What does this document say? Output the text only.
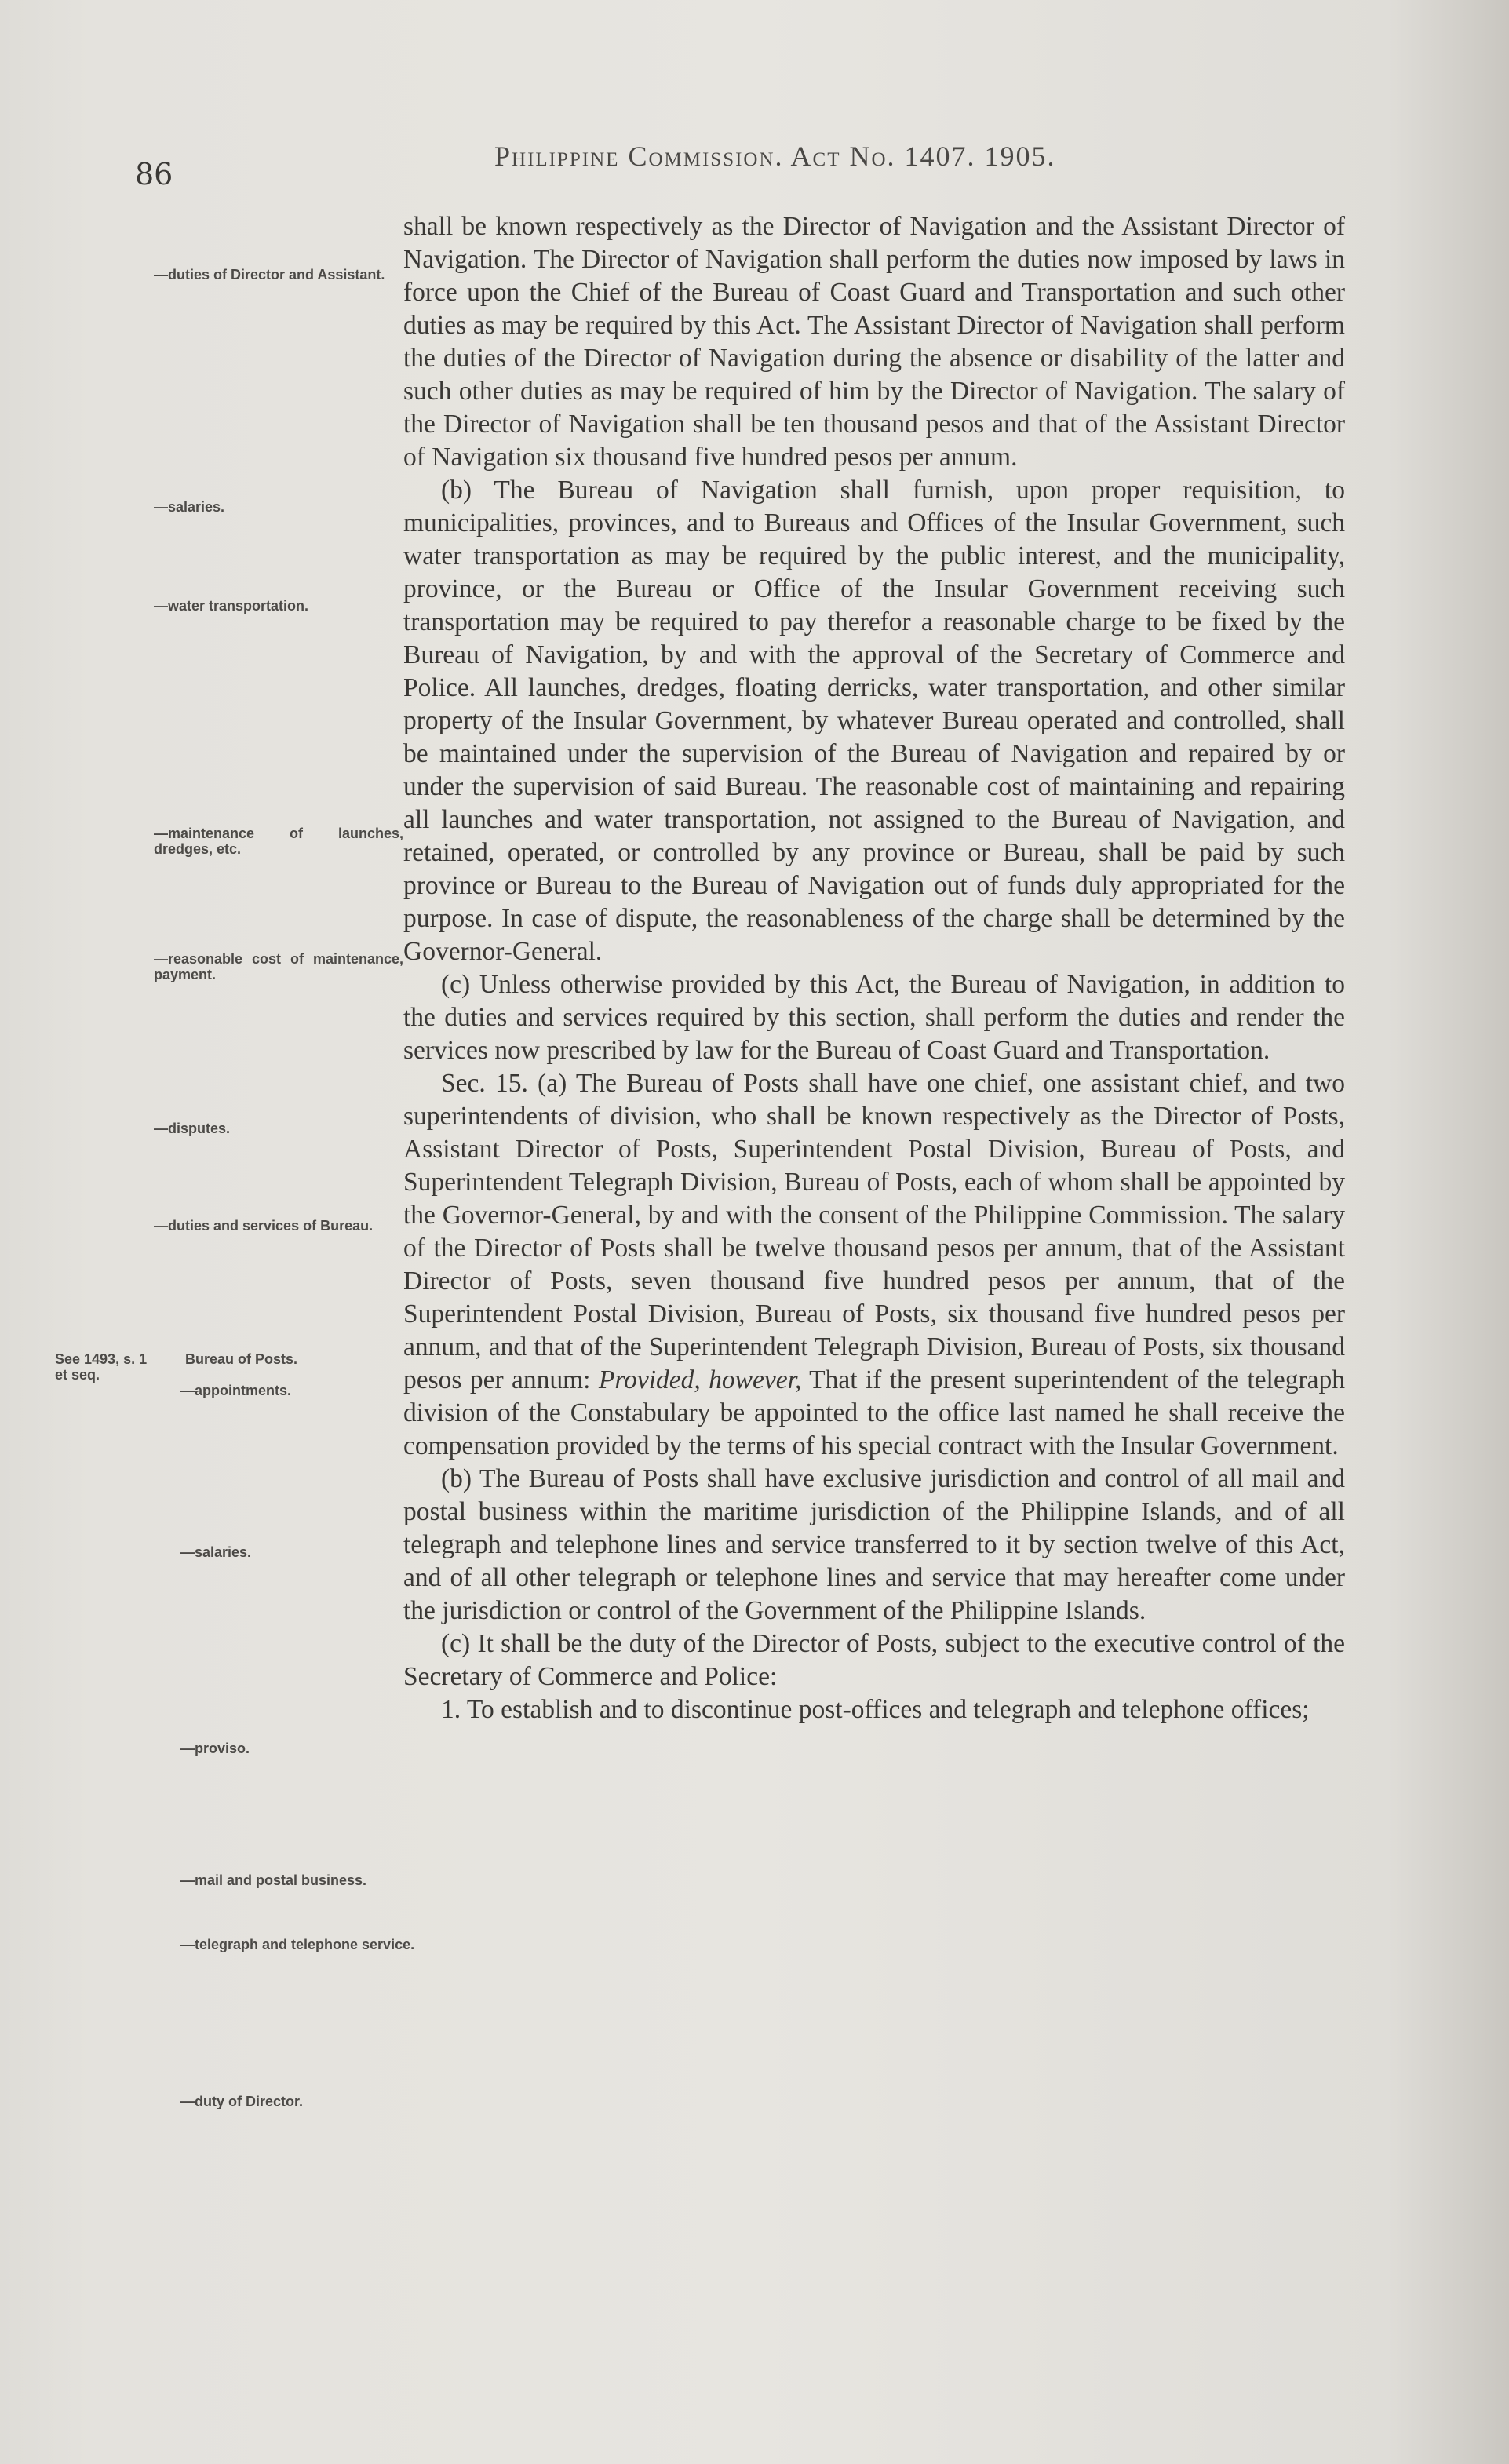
86
Philippine Commission. Act No. 1407. 1905.
See 1493, s. 1 et seq.
—duties of Director and Assistant.
—salaries.
—water transportation.
—maintenance of launches, dredges, etc.
—reasonable cost of maintenance, payment.
—disputes.
—duties and services of Bureau.
Bureau of Posts.
—appointments.
—salaries.
—proviso.
—mail and postal business.
—telegraph and telephone service.
—duty of Director.

shall be known respectively as the Director of Navigation and the Assistant Director of Navigation. The Director of Navigation shall perform the duties now imposed by laws in force upon the Chief of the Bureau of Coast Guard and Transportation and such other duties as may be required by this Act. The Assistant Director of Navigation shall perform the duties of the Director of Navigation during the absence or disability of the latter and such other duties as may be required of him by the Director of Navigation. The salary of the Director of Navigation shall be ten thousand pesos and that of the Assistant Director of Navigation six thousand five hundred pesos per annum.

(b) The Bureau of Navigation shall furnish, upon proper requisition, to municipalities, provinces, and to Bureaus and Offices of the Insular Government, such water transportation as may be required by the public interest, and the municipality, province, or the Bureau or Office of the Insular Government receiving such transportation may be required to pay therefor a reasonable charge to be fixed by the Bureau of Navigation, by and with the approval of the Secretary of Commerce and Police. All launches, dredges, floating derricks, water transportation, and other similar property of the Insular Government, by whatever Bureau operated and controlled, shall be maintained under the supervision of the Bureau of Navigation and repaired by or under the supervision of said Bureau. The reasonable cost of maintaining and repairing all launches and water transportation, not assigned to the Bureau of Navigation, and retained, operated, or controlled by any province or Bureau, shall be paid by such province or Bureau to the Bureau of Navigation out of funds duly appropriated for the purpose. In case of dispute, the reasonableness of the charge shall be determined by the Governor-General.

(c) Unless otherwise provided by this Act, the Bureau of Navigation, in addition to the duties and services required by this section, shall perform the duties and render the services now prescribed by law for the Bureau of Coast Guard and Transportation.

Sec. 15. (a) The Bureau of Posts shall have one chief, one assistant chief, and two superintendents of division, who shall be known respectively as the Director of Posts, Assistant Director of Posts, Superintendent Postal Division, Bureau of Posts, and Superintendent Telegraph Division, Bureau of Posts, each of whom shall be appointed by the Governor-General, by and with the consent of the Philippine Commission. The salary of the Director of Posts shall be twelve thousand pesos per annum, that of the Assistant Director of Posts, seven thousand five hundred pesos per annum, that of the Superintendent Postal Division, Bureau of Posts, six thousand five hundred pesos per annum, and that of the Superintendent Telegraph Division, Bureau of Posts, six thousand pesos per annum: Provided, however, That if the present superintendent of the telegraph division of the Constabulary be appointed to the office last named he shall receive the compensation provided by the terms of his special contract with the Insular Government.

(b) The Bureau of Posts shall have exclusive jurisdiction and control of all mail and postal business within the maritime jurisdiction of the Philippine Islands, and of all telegraph and telephone lines and service transferred to it by section twelve of this Act, and of all other telegraph or telephone lines and service that may hereafter come under the jurisdiction or control of the Government of the Philippine Islands.

(c) It shall be the duty of the Director of Posts, subject to the executive control of the Secretary of Commerce and Police:

1. To establish and to discontinue post-offices and telegraph and telephone offices;
